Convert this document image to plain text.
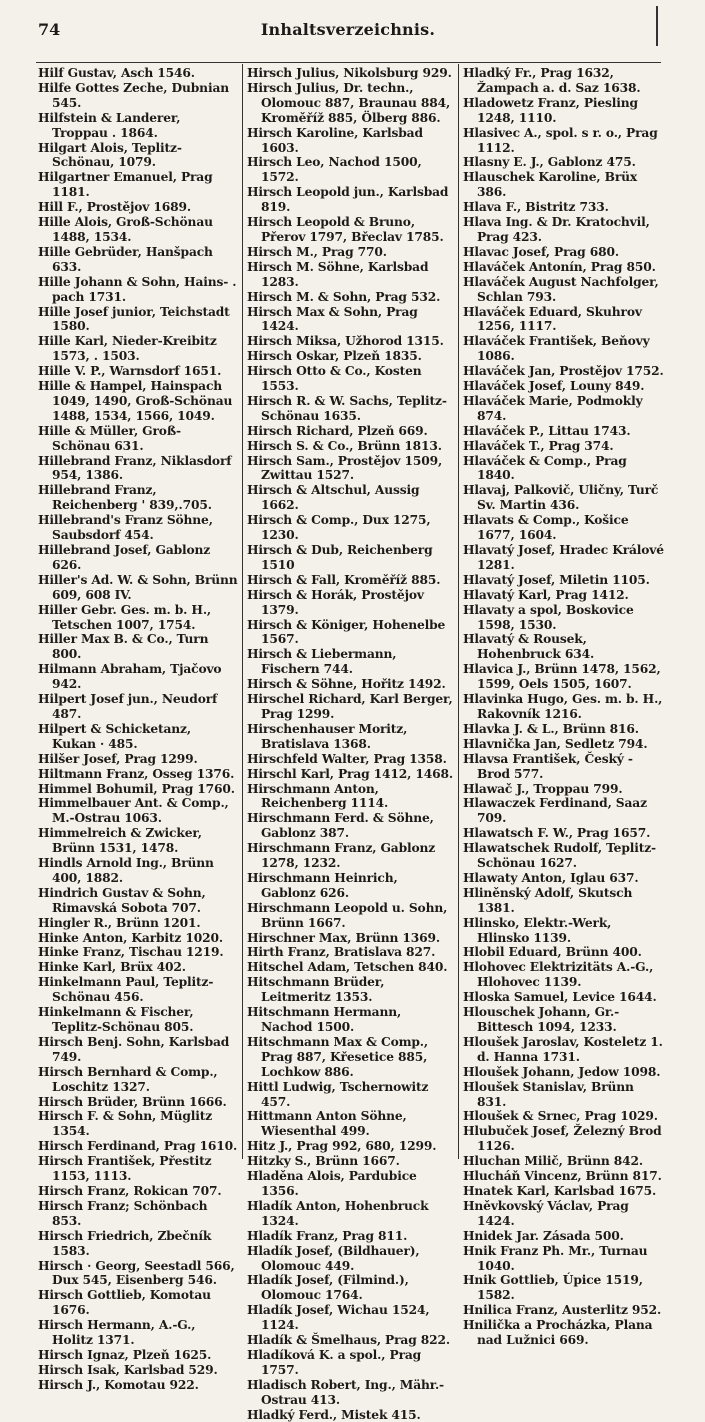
74	Inhaltsverzeichnis.

Hilf Gustav, Asch 1546.

Hilfe Gottes Zeche, Dubnian 545.

Hilfstein & Landerer, Troppau . 1864.

Hilgart Alois, Teplitz-Schönau, 1079.

Hilgartner Emanuel, Prag 1181.

Hill F., Prostějov 1689.

Hille Alois, Groß-Schönau 1488, 1534.

Hille Gebrüder, Hanšpach 633.

Hille Johann & Sohn, Hains- . pach 1731.

Hille Josef junior, Teichstadt 1580.

Hille Karl, Nieder-Kreibitz 1573, . 1503.

Hille V. P., Warnsdorf 1651.

Hille & Hampel, Hainspach 1049, 1490, Groß-Schönau 1488, 1534, 1566, 1049.

Hille & Müller, Groß-Schönau 631.

Hillebrand Franz, Niklasdorf 954, 1386.

Hillebrand Franz, Reichenberg ' 839,.705.

Hillebrand's Franz Söhne, Saubsdorf 454.

Hillebrand Josef, Gablonz 626.

Hiller's Ad. W. & Sohn, Brünn 609, 608 IV.

Hiller Gebr. Ges. m. b. H., Tetschen 1007, 1754.

Hiller Max B. & Co., Turn 800.

Hilmann Abraham, Tjačovo 942.

Hilpert Josef jun., Neudorf 487.

Hilpert & Schicketanz, Kukan · 485.

Hilšer Josef, Prag 1299.

Hiltmann Franz, Osseg 1376.

Himmel Bohumil, Prag 1760.

Himmelbauer Ant. & Comp., M.-Ostrau 1063.

Himmelreich & Zwicker, Brünn 1531, 1478.

Hindls Arnold Ing., Brünn 400, 1882.

Hindrich Gustav & Sohn, Rimavská Sobota 707.

Hingler R., Brünn 1201.

Hinke Anton, Karbitz 1020.

Hinke Franz, Tischau 1219.

Hinke Karl, Brüx 402.

Hinkelmann Paul, Teplitz-Schönau 456.

Hinkelmann & Fischer, Teplitz-Schönau 805.

Hirsch Benj. Sohn, Karlsbad 749.

Hirsch Bernhard & Comp., Loschitz 1327.

Hirsch Brüder, Brünn 1666.

Hirsch F. & Sohn, Müglitz 1354.

Hirsch Ferdinand, Prag 1610.

Hirsch František, Přestitz 1153, 1113.

Hirsch Franz, Rokican 707.

Hirsch Franz; Schönbach 853.

Hirsch Friedrich, Zbečník 1583.

Hirsch · Georg, Seestadl 566, Dux 545, Eisenberg 546.

Hirsch Gottlieb, Komotau 1676.

Hirsch Hermann, A.-G., Holitz 1371.

Hirsch Ignaz, Plzeň 1625.

Hirsch Isak, Karlsbad 529.

Hirsch J., Komotau 922.

Hirsch Julius, Nikolsburg 929.

Hirsch Julius, Dr. techn., Olomouc 887, Braunau 884, Kroměříž 885, Ölberg 886.

Hirsch Karoline, Karlsbad 1603.

Hirsch Leo, Nachod 1500, 1572.

Hirsch Leopold jun., Karlsbad 819.

Hirsch Leopold & Bruno, Přerov 1797, Břeclav 1785.

Hirsch M., Prag 770.

Hirsch M. Söhne, Karlsbad 1283.

Hirsch M. & Sohn, Prag 532.

Hirsch Max & Sohn, Prag 1424.

Hirsch Miksa, Užhorod 1315.

Hirsch Oskar, Plzeň 1835.

Hirsch Otto & Co., Kosten 1553.

Hirsch R. & W. Sachs, Teplitz-Schönau 1635.

Hirsch Richard, Plzeň 669.

Hirsch S. & Co., Brünn 1813.

Hirsch Sam., Prostějov 1509, Zwittau 1527.

Hirsch & Altschul, Aussig 1662.

Hirsch & Comp., Dux 1275, 1230.

Hirsch & Dub, Reichenberg 1510

Hirsch & Fall, Kroměříž 885.

Hirsch & Horák, Prostějov 1379.

Hirsch & Königer, Hohenelbe 1567.

Hirsch & Liebermann, Fischern 744.

Hirsch & Söhne, Hořitz 1492.

Hirschel Richard, Karl Berger, Prag 1299.

Hirschenhauser Moritz, Bratislava 1368.

Hirschfeld Walter, Prag 1358.

Hirschl Karl, Prag 1412, 1468.

Hirschmann Anton, Reichenberg 1114.

Hirschmann Ferd. & Söhne, Gablonz 387.

Hirschmann Franz, Gablonz 1278, 1232.

Hirschmann Heinrich, Gablonz 626.

Hirschmann Leopold u. Sohn, Brünn 1667.

Hirschner Max, Brünn 1369.

Hirth Franz, Bratislava 827.

Hitschel Adam, Tetschen 840.

Hitschmann Brüder, Leitmeritz 1353.

Hitschmann Hermann, Nachod 1500.

Hitschmann Max & Comp., Prag 887, Křesetice 885, Lochkow 886.

Hittl Ludwig, Tschernowitz 457.

Hittmann Anton Söhne, Wiesenthal 499.

Hitz J., Prag 992, 680, 1299.

Hitzky S., Brünn 1667.

Hladěna Alois, Pardubice 1356.

Hladík Anton, Hohenbruck 1324.

Hladík Franz, Prag 811.

Hladík Josef, (Bildhauer), Olomouc 449.

Hladík Josef, (Filmind.), Olomouc 1764.

Hladík Josef, Wichau 1524, 1124.

Hladík & Šmelhaus, Prag 822.

Hladíková K. a spol., Prag 1757.

Hladisch Robert, Ing., Mähr.-Ostrau 413.

Hladký Ferd., Mistek 415.

Hladký Fr., Prag 1632, Žampach a. d. Saz 1638.

Hladowetz Franz, Piesling 1248, 1110.

Hlasivec A., spol. s r. o., Prag 1112.

Hlasny E. J., Gablonz 475.

Hlauschek Karoline, Brüx 386.

Hlava F., Bistritz 733.

Hlava Ing. & Dr. Kratochvil, Prag 423.

Hlavac Josef, Prag 680.

Hlaváček Antonín, Prag 850.

Hlaváček August Nachfolger, Schlan 793.

Hlaváček Eduard, Skuhrov 1256, 1117.

Hlaváček František, Beňovy 1086.

Hlaváček Jan, Prostějov 1752.

Hlaváček Josef, Louny 849.

Hlaváček Marie, Podmokly 874.

Hlaváček P., Littau 1743.

Hlaváček T., Prag 374.

Hlaváček & Comp., Prag 1840.

Hlavaj, Palkovič, Uličny, Turč Sv. Martin 436.

Hlavats & Comp., Košice 1677, 1604.

Hlavatý Josef, Hradec Králové 1281.

Hlavatý Josef, Miletin 1105.

Hlavatý Karl, Prag 1412.

Hlavaty a spol, Boskovice 1598, 1530.

Hlavatý & Rousek, Hohenbruck 634.

Hlavica J., Brünn 1478, 1562, 1599, Oels 1505, 1607.

Hlavinka Hugo, Ges. m. b. H., Rakovník 1216.

Hlavka J. & L., Brünn 816.

Hlavnička Jan, Sedletz 794.

Hlavsa František, Český - Brod 577.

Hlawač J., Troppau 799.

Hlawaczek Ferdinand, Saaz 709.

Hlawatsch F. W., Prag 1657.

Hlawatschek Rudolf, Teplitz-Schönau 1627.

Hlawaty Anton, Iglau 637.

Hliněnský Adolf, Skutsch 1381.

Hlinsko, Elektr.-Werk, Hlinsko 1139.

Hlobil Eduard, Brünn 400.

Hlohovec Elektrizitäts A.-G., Hlohovec 1139.

Hloska Samuel, Levice 1644.

Hlouschek Johann, Gr.-Bittesch 1094, 1233.

Hloušek Jaroslav, Kosteletz 1. d. Hanna 1731.

Hloušek Johann, Jedow 1098.

Hloušek Stanislav, Brünn 831.

Hloušek & Srnec, Prag 1029.

Hlubuček Josef, Železný Brod 1126.

Hluchan Milič, Brünn 842.

Hlucháň Vincenz, Brünn 817.

Hnatek Karl, Karlsbad 1675.

Hněvkovský Václav, Prag 1424.

Hnidek Jar. Zásada 500.

Hnik Franz Ph. Mr., Turnau 1040.

Hnik Gottlieb, Úpice 1519, 1582.

Hnilica Franz, Austerlitz 952.

Hnilička a Procházka, Plana nad Lužnici 669.
